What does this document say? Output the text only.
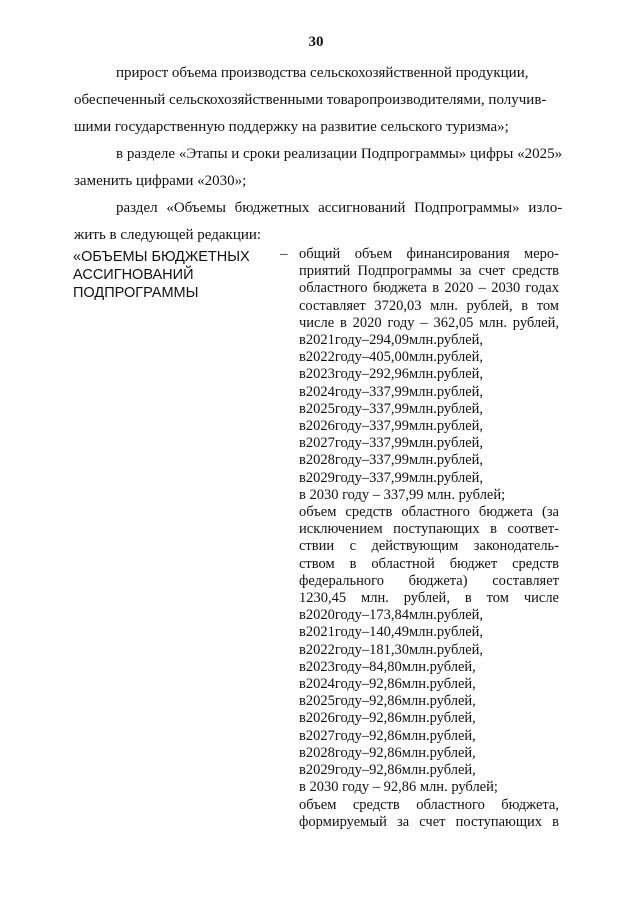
30
прирост объема производства сельскохозяйственной продукции,
обеспеченный сельскохозяйственными товаропроизводителями, получив-
шими государственную поддержку на развитие сельского туризма»;
в разделе «Этапы и сроки реализации Подпрограммы» цифры «2025»
заменить цифрами «2030»;
раздел «Объемы бюджетных ассигнований Подпрограммы» изло-
жить в следующей редакции:
«ОБЪЕМЫ БЮДЖЕТНЫХ
АССИГНОВАНИЙ
ПОДПРОГРАММЫ
– общий объем финансирования меро-
приятий Подпрограммы за счет средств
областного бюджета в 2020 – 2030 годах
составляет 3720,03 млн. рублей, в том
числе в 2020 году – 362,05 млн. рублей,
в2021году–294,09млн.рублей,
в2022году–405,00млн.рублей,
в2023году–292,96млн.рублей,
в2024году–337,99млн.рублей,
в2025году–337,99млн.рублей,
в2026году–337,99млн.рублей,
в2027году–337,99млн.рублей,
в2028году–337,99млн.рублей,
в2029году–337,99млн.рублей,
в 2030 году – 337,99 млн. рублей;
объем средств областного бюджета (за
исключением поступающих в соответ-
ствии с действующим законодатель-
ством в областной бюджет средств
федерального бюджета) составляет
1230,45 млн. рублей, в том числе
в2020году–173,84млн.рублей,
в2021году–140,49млн.рублей,
в2022году–181,30млн.рублей,
в2023году–84,80млн.рублей,
в2024году–92,86млн.рублей,
в2025году–92,86млн.рублей,
в2026году–92,86млн.рублей,
в2027году–92,86млн.рублей,
в2028году–92,86млн.рублей,
в2029году–92,86млн.рублей,
в 2030 году – 92,86 млн. рублей;
объем средств областного бюджета,
формируемый за счет поступающих в
